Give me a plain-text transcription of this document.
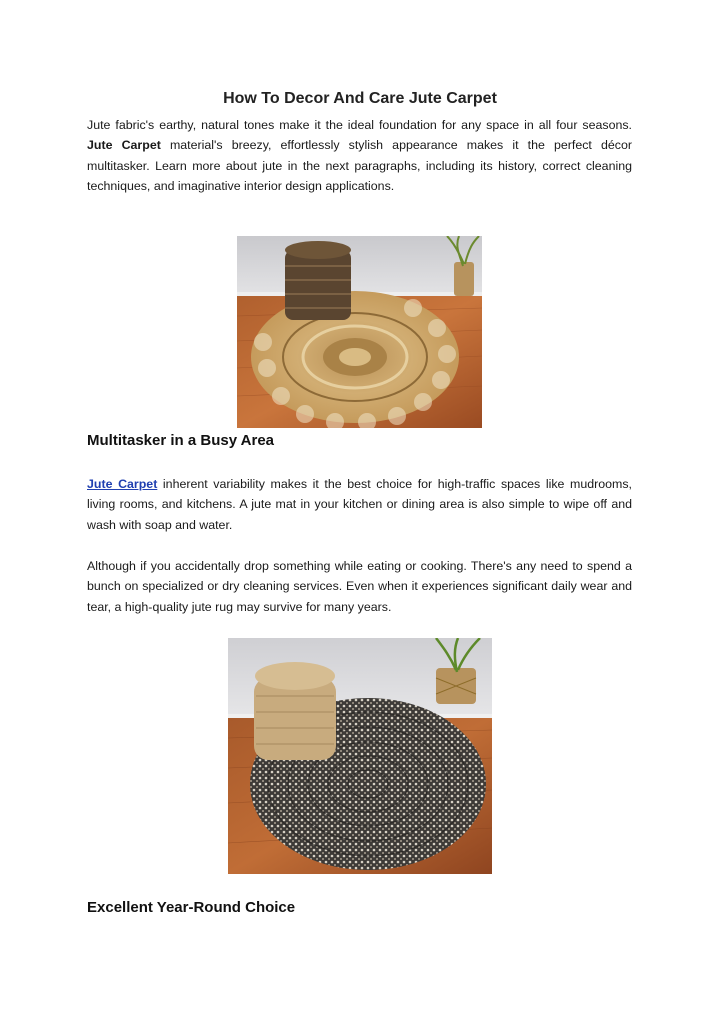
How To Decor And Care Jute Carpet

Jute fabric's earthy, natural tones make it the ideal foundation for any space in all four seasons. Jute Carpet material's breezy, effortlessly stylish appearance makes it the perfect décor multitasker. Learn more about jute in the next paragraphs, including its history, correct cleaning techniques, and imaginative interior design applications.

Multitasker in a Busy Area

Jute Carpet inherent variability makes it the best choice for high-traffic spaces like mudrooms, living rooms, and kitchens. A jute mat in your kitchen or dining area is also simple to wipe off and wash with soap and water.

Although if you accidentally drop something while eating or cooking. There's any need to spend a bunch on specialized or dry cleaning services. Even when it experiences significant daily wear and tear, a high-quality jute rug may survive for many years.

Excellent Year-Round Choice
